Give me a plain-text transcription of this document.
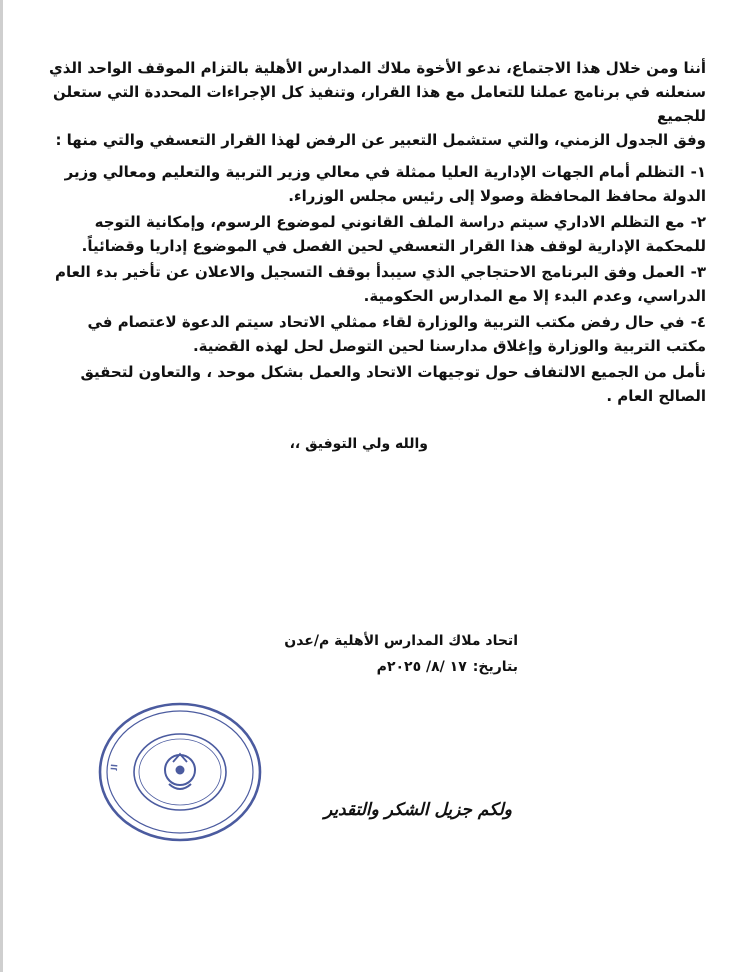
أننا ومن خلال هذا الاجتماع، ندعو الأخوة ملاك المدارس الأهلية بالتزام الموقف الواحد الذي

سنعلنه في برنامج عملنا للتعامل مع هذا القرار، وتنفيذ كل الإجراءات المحددة التي ستعلن للجميع

وفق الجدول الزمني، والتي ستشمل التعبير عن الرفض لهذا القرار التعسفي والتي منها :

١-التظلم أمام الجهات الإدارية العليا ممثلة في معالي وزير التربية والتعليم ومعالي وزير الدولة محافظ المحافظة وصولا إلى رئيس مجلس الوزراء.

٢-مع التظلم الاداري سيتم دراسة الملف القانوني لموضوع الرسوم، وإمكانية التوجه للمحكمة الإدارية لوقف هذا القرار التعسفي لحين الفصل في الموضوع إداريا وقضائياً.

٣-العمل وفق البرنامج الاحتجاجي الذي سيبدأ بوقف التسجيل والاعلان عن تأخير بدء العام الدراسي، وعدم البدء إلا مع المدارس الحكومية.

٤-في حال رفض مكتب التربية والوزارة لقاء ممثلي الاتحاد سيتم الدعوة لاعتصام في مكتب التربية والوزارة وإغلاق مدارسنا لحين التوصل لحل لهذه القضية.

نأمل من الجميع الالتفاف حول توجيهات الاتحاد والعمل بشكل موحد ، والتعاون لتحقيق الصالح العام .

والله ولي التوفيق ،،
اتحاد ملاك المدارس الأهلية م/عدن
بتاريخ:١٧ /٨/ ٢٠٢٥م
ال
ولكم جزيل الشكر والتقدير
